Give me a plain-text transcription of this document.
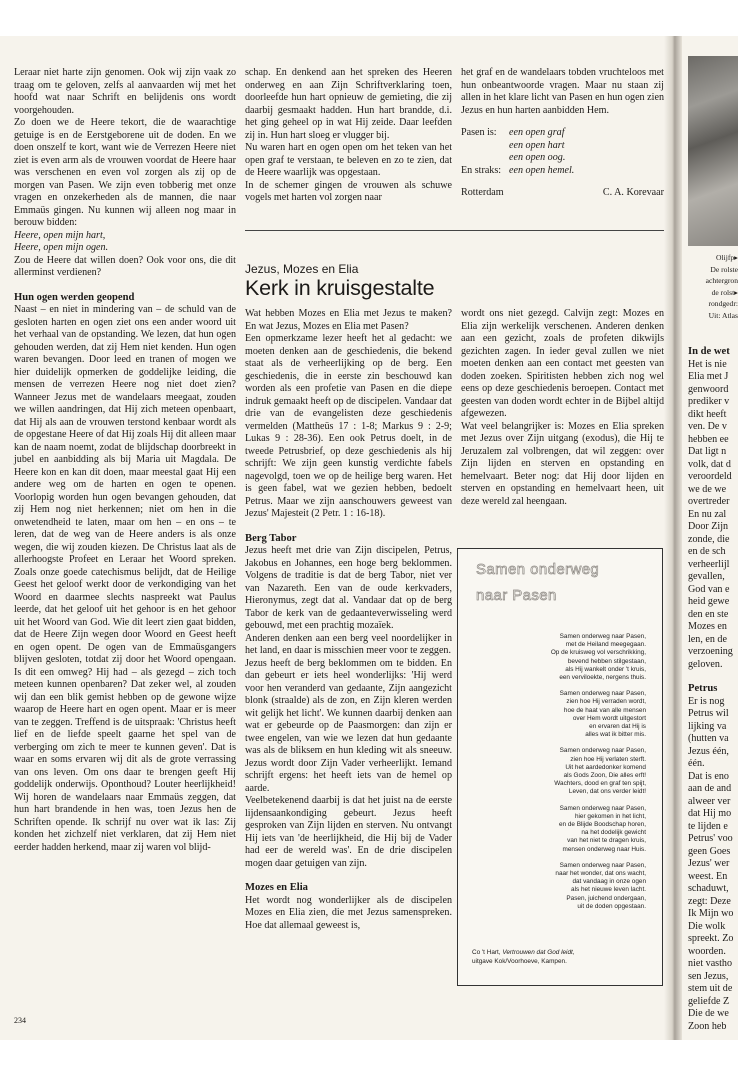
Leraar niet harte zijn genomen. Ook wij zijn vaak zo traag om te geloven, zelfs al aanvaarden wij met het hoofd wat naar Schrift en belijdenis ons wordt voorgehouden.

Zo doen we de Heere tekort, die de waarachtige getuige is en de Eerstgeborene uit de doden. En we doen onszelf te kort, want wie de Verrezen Heere niet ziet is even arm als de vrouwen voordat de Heere haar was verschenen en even vol zorgen als zij op de morgen van Pasen. We zijn even tobberig met onze vragen en onzekerheden als de mannen, die naar Emmaüs gingen. Nu kunnen wij alleen nog maar in berouw bidden:

Heere, open mijn hart,

Heere, open mijn ogen.

Zou de Heere dat willen doen? Ook voor ons, die dit allerminst verdienen?

Hun ogen werden geopend

Naast – en niet in mindering van – de schuld van de gesloten harten en ogen ziet ons een ander woord uit het verhaal van de opstanding. We lezen, dat hun ogen gehouden werden, dat zij Hem niet kenden. Hun ogen waren bevangen. Door leed en tranen of mogen we hier duidelijk opmerken de goddelijke leiding, die mensen de verrezen Heere nog niet doet zien? Wanneer Jezus met de wandelaars meegaat, zouden we willen aandringen, dat Hij zich meteen openbaart, dat Hij als aan de vrouwen terstond kenbaar wordt als de opgestane Heere of dat Hij zoals Hij dit alleen maar kan de naam noemt, zodat de blijdschap doorbreekt in jubel en aanbidding als bij Maria uit Magdala. De Heere kon en kan dit doen, maar meestal gaat Hij een andere weg om de harten en ogen te openen. Voorlopig worden hun ogen bevangen gehouden, dat zij Hem nog niet herkennen; niet om hen in die onwetendheid te laten, maar om hen – en ons – te leren, dat de weg van de Heere anders is als onze wegen, die wij zouden kiezen. De Christus laat als de allerhoogste Profeet en Leraar het Woord spreken. Zoals onze goede catechismus belijdt, dat de Heilige Geest het geloof werkt door de verkondiging van het Woord en daarmee slechts naspreekt wat Paulus leerde, dat het geloof uit het gehoor is en het gehoor uit het Woord van God. Wie dit leert zien gaat bidden, dat de Heere Zijn wegen door Woord en Geest heeft en ogen opent. De ogen van de Emmaüsgangers blijven gesloten, totdat zij door het Woord opengaan. Is dit een omweg? Hij had – als gezegd – zich toch meteen kunnen openbaren? Dat zeker wel, al zouden wij dan een blik gemist hebben op de gewone wijze waarop de Heere hart en ogen opent. Maar er is meer van te zeggen. Treffend is de uitspraak: 'Christus heeft lief en de liefde speelt gaarne het spel van de verberging om zich te meer te kunnen geven'. Dat is waar en soms ervaren wij dit als de grote verrassing van ons leven. Om ons daar te brengen geeft Hij goddelijk onderwijs. Oponthoud? Louter heerlijkheid! Wij horen de wandelaars naar Emmaüs zeggen, dat hun hart brandende in hen was, toen Jezus hen de Schriften opende. Ik schrijf nu over wat ik las: Zij konden het zichzelf niet verklaren, dat zij Hem niet eerder hadden herkend, maar zij waren vol blijd-

schap. En denkend aan het spreken des Heeren onderweg en aan Zijn Schriftverklaring toen, doorleefde hun hart opnieuw de gemieting, die zij daarbij gesmaakt hadden. Hun hart brandde, d.i. het ging geheel op in wat Hij zeide. Daar leefden zij in. Hun hart sloeg er vlugger bij.

Nu waren hart en ogen open om het teken van het open graf te verstaan, te beleven en zo te zien, dat de Heere waarlijk was opgestaan.

In de schemer gingen de vrouwen als schuwe vogels met harten vol zorgen naar

het graf en de wandelaars tobden vruchteloos met hun onbeantwoorde vragen. Maar nu staan zij allen in het klare licht van Pasen en hun ogen zien Jezus en hun harten aanbidden Hem.

Pasen is:	een open graf
een open hart
een open oog.
En straks: een open hemel.
Rotterdam	C. A. Korevaar
Jezus, Mozes en Elia
Kerk in kruisgestalte

Wat hebben Mozes en Elia met Jezus te maken? En wat Jezus, Mozes en Elia met Pasen?

Een opmerkzame lezer heeft het al gedacht: we moeten denken aan de geschiedenis, die bekend staat als de verheerlijking op de berg. Een geschiedenis, die in eerste zin beschouwd kan worden als een profetie van Pasen en die diepe indruk gemaakt heeft op de discipelen. Vandaar dat drie van de evangelisten deze geschiedenis vermelden (Mattheüs 17 : 1-8; Markus 9 : 2-9; Lukas 9 : 28-36). Een ook Petrus doelt, in de tweede Petrusbrief, op deze geschiedenis als hij schrijft: We zijn geen kunstig verdichte fabels nagevolgd, toen we op de heilige berg waren. Het is geen fabel, wat we gezien hebben, bedoelt Petrus. Maar we zijn aanschouwers geweest van Jezus' Majesteit (2 Petr. 1 : 16-18).

Berg Tabor

Jezus heeft met drie van Zijn discipelen, Petrus, Jakobus en Johannes, een hoge berg beklommen. Volgens de traditie is dat de berg Tabor, niet ver van Nazareth. Een van de oude kerkvaders, Hieronymus, zegt dat al. Vandaar dat op de berg Tabor de kerk van de gedaanteverwisseling werd gebouwd, met een prachtig mozaïek.

Anderen denken aan een berg veel noordelijker in het land, en daar is misschien meer voor te zeggen.

Jezus heeft de berg beklommen om te bidden. En dan gebeurt er iets heel wonderlijks: 'Hij werd voor hen veranderd van gedaante, Zijn aangezicht blonk (straalde) als de zon, en Zijn kleren werden wit gelijk het licht'. We kunnen daarbij denken aan wat er gebeurde op de Paasmorgen: dan zijn er twee engelen, van wie we lezen dat hun gedaante was als de bliksem en hun kleding wit als sneeuw. Jezus wordt door Zijn Vader verheerlijkt. Iemand schrijft ergens: het heeft iets van de hemel op aarde.

Veelbetekenend daarbij is dat het juist na de eerste lijdensaankondiging gebeurt. Jezus heeft gesproken van Zijn lijden en sterven. Nu ontvangt Hij iets van 'de heerlijkheid, die Hij bij de Vader had eer de wereld was'. En de drie discipelen mogen daar getuigen van zijn.

Mozes en Elia

Het wordt nog wonderlijker als de discipelen Mozes en Elia zien, die met Jezus samenspreken. Hoe dat allemaal geweest is,

wordt ons niet gezegd. Calvijn zegt: Mozes en Elia zijn werkelijk verschenen. Anderen denken aan een gezicht, zoals de profeten dikwijls gezichten zagen. In ieder geval zullen we niet moeten denken aan een contact met geesten van doden zoeken. Spiritisten hebben zich nog wel eens op deze geschiedenis beroepen. Contact met geesten van doden wordt echter in de Bijbel altijd afgewezen.

Wat veel belangrijker is: Mozes en Elia spreken met Jezus over Zijn uitgang (exodus), die Hij te Jeruzalem zal volbrengen, dat wil zeggen: over Zijn lijden en sterven en opstanding en hemelvaart. Beter nog: dat Hij door lijden en sterven en opstanding en hemelvaart heen, uit deze wereld zal heengaan.

Samen onderweg
naar Pasen

Samen onderweg naar Pasen,
met de Heiland meegegaan.
Op de kruisweg vol verschrikking,
bevend hebben stilgestaan,
als Hij wankelt onder 't kruis,
een verviloekte, nergens thuis.

Samen onderweg naar Pasen,
zien hoe Hij verraden wordt,
hoe de haat van alle mensen
over Hem wordt uitgestort
en ervaren dat Hij is
alles wat ik bitter mis.

Samen onderweg naar Pasen,
zien hoe Hij verlaten sterft.
Uit het aardedonker komend
als Gods Zoon, Die alles erft!
Wachters, dood en graf ten spijt,
Leven, dat ons verder leidt!

Samen onderweg naar Pasen,
hier gekomen in het licht,
en de Blijde Boodschap horen,
na het dodelijk gewicht
van het niet te dragen kruis,
mensen onderweg naar Huis.

Samen onderweg naar Pasen,
naar het wonder, dat ons wacht,
dat vandaag in onze ogen
als het nieuwe leven lacht.
Pasen, juichend ondergaan,
uit de doden opgestaan.

Co 't Hart, Vertrouwen dat God leidt,
uitgave Kok/Voorhoeve, Kampen.
234
Olijfp▸
De rolste
achtergron
de rolst▸
rondgedr:
Uit: Atlas
In de wet

Het is nie

Elia met J

genwoord

prediker v

dikt heeft

ven. De v

hebben ee

Dat ligt n

volk, dat d

veroordeld

we de we

overtreder

En nu zal

Door Zijn

zonde, die

en de sch

verheerlijl

gevallen,

God van e

heid gewe

den en ste

Mozes en

len, en de

verzoening

geloven.

Petrus

Er is nog

Petrus wil

lijking va

(hutten va

Jezus één,

één.

Dat is eno

aan de and

alweer ver

dat Hij mo

te lijden e

Petrus' voo

geen Goes

Jezus' wer

weest. En

schaduwt,

zegt: Deze

Ik Mijn wo

Die wolk

spreekt. Zo

woorden.

niet vastho

sen Jezus,

stem uit de

geliefde Z

Die de we

Zoon heb
